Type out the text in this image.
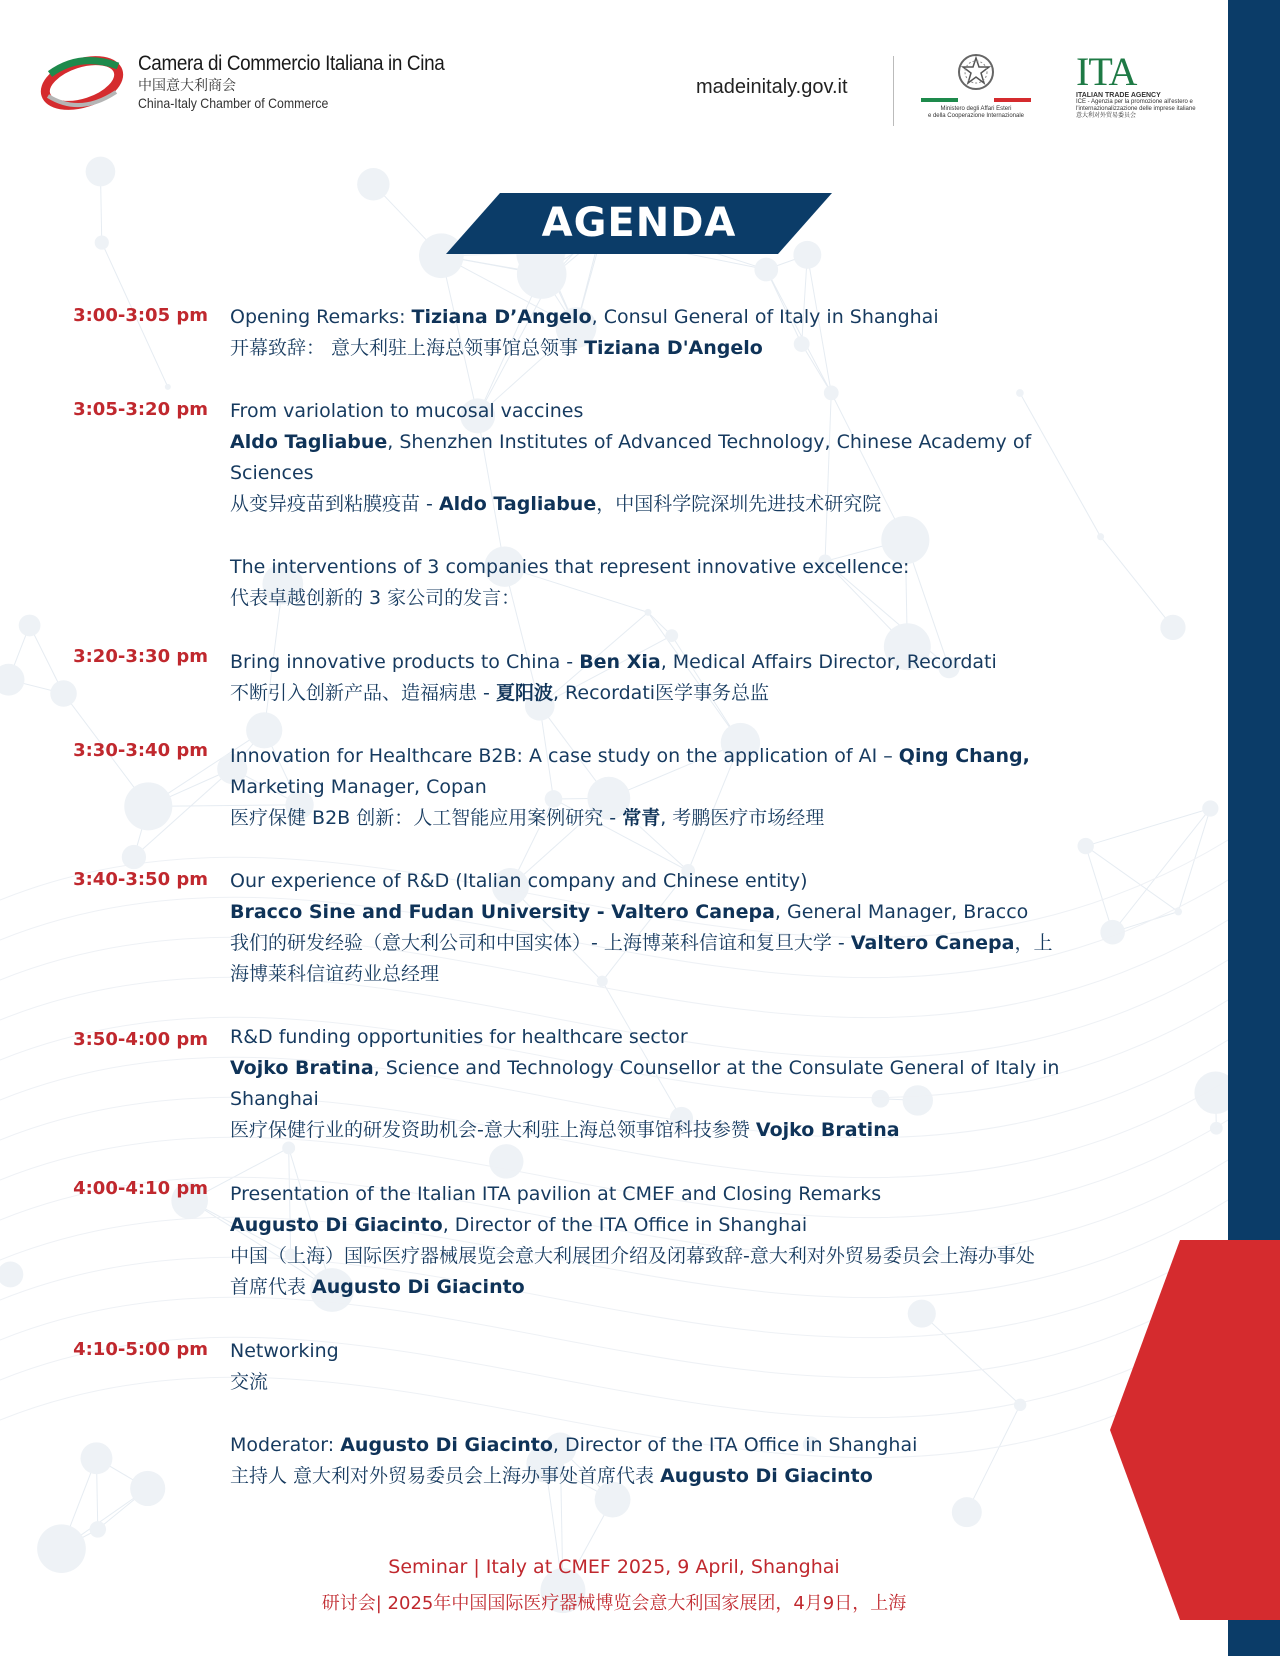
Camera di Commercio Italiana in Cina
中国意大利商会
China-Italy Chamber of Commerce
madeinitaly.gov.it
Ministero degli Affari Esteri
e della Cooperazione Internazionale
ITA
ITALIAN TRADE AGENCY
ICE - Agenzia per la promozione all'estero e
l'internazionalizzazione delle imprese italiane
意大利对外贸易委员会
AGENDA
3:00-3:05 pm Opening Remarks: Tiziana D’Angelo, Consul General of Italy in Shanghai
开幕致辞： 意大利驻上海总领事馆总领事 Tiziana D'Angelo
3:05-3:20 pm From variolation to mucosal vaccines
Aldo Tagliabue, Shenzhen Institutes of Advanced Technology, Chinese Academy of
Sciences
从变异疫苗到粘膜疫苗 - Aldo Tagliabue，中国科学院深圳先进技术研究院
The interventions of 3 companies that represent innovative excellence:
代表卓越创新的 3 家公司的发言：
3:20-3:30 pm Bring innovative products to China - Ben Xia, Medical Affairs Director, Recordati
不断引入创新产品、造福病患 - 夏阳波, Recordati医学事务总监
3:30-3:40 pm Innovation for Healthcare B2B: A case study on the application of AI – Qing Chang,
Marketing Manager, Copan
医疗保健 B2B 创新：人工智能应用案例研究 - 常青, 考鹏医疗市场经理
3:40-3:50 pm Our experience of R&D (Italian company and Chinese entity)
Bracco Sine and Fudan University - Valtero Canepa, General Manager, Bracco
我们的研发经验（意大利公司和中国实体）- 上海博莱科信谊和复旦大学 - Valtero Canepa，上
海博莱科信谊药业总经理
3:50-4:00 pm R&D funding opportunities for healthcare sector
Vojko Bratina, Science and Technology Counsellor at the Consulate General of Italy in
Shanghai
医疗保健行业的研发资助机会-意大利驻上海总领事馆科技参赞 Vojko Bratina
4:00-4:10 pm Presentation of the Italian ITA pavilion at CMEF and Closing Remarks
Augusto Di Giacinto, Director of the ITA Office in Shanghai
中国（上海）国际医疗器械展览会意大利展团介绍及闭幕致辞-意大利对外贸易委员会上海办事处
首席代表 Augusto Di Giacinto
4:10-5:00 pm Networking
交流
Moderator: Augusto Di Giacinto, Director of the ITA Office in Shanghai
主持人 意大利对外贸易委员会上海办事处首席代表 Augusto Di Giacinto
Seminar | Italy at CMEF 2025, 9 April, Shanghai
研讨会| 2025年中国国际医疗器械博览会意大利国家展团，4月9日，上海
